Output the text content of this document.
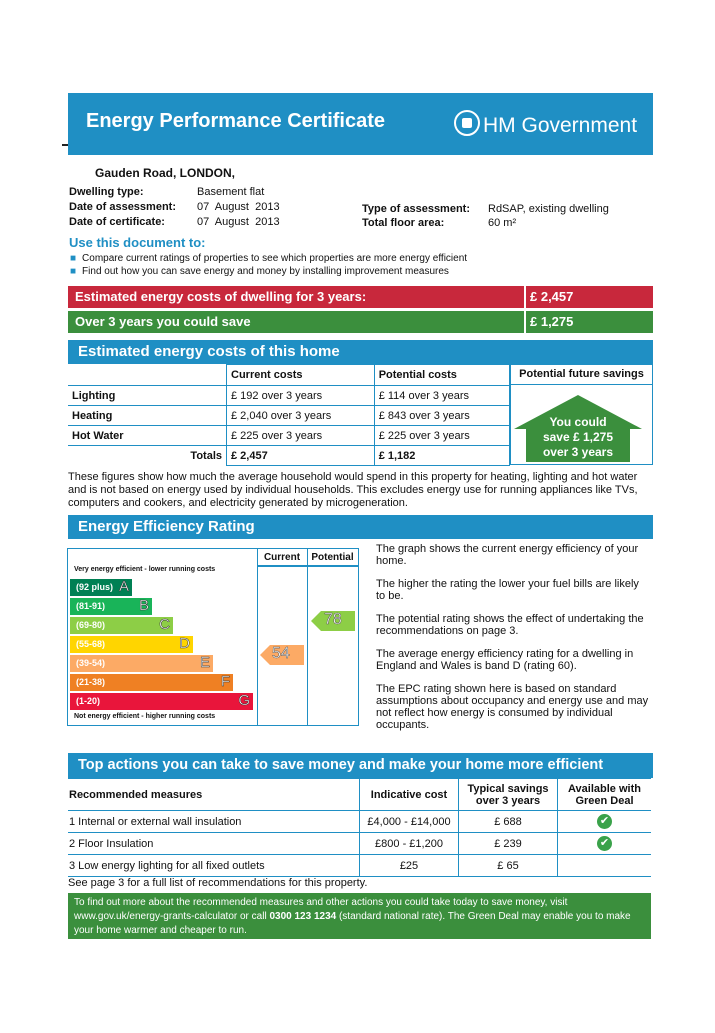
Energy Performance Certificate	HM Government
Gauden Road, LONDON,
Dwelling type:	Basement flat
Date of assessment: 07  August  2013
Date of certificate:	07  August  2013
Type of assessment: RdSAP, existing dwelling
Total floor area:	60 m²
Use this document to:
■ Compare current ratings of properties to see which properties are more energy efficient
■ Find out how you can save energy and money by installing improvement measures
Estimated energy costs of dwelling for 3 years:	£ 2,457
Over 3 years you could save	£ 1,275
Estimated energy costs of this home
	Current costs	Potential costs
Lighting	£ 192 over 3 years	£ 114 over 3 years
Heating	£ 2,040 over 3 years	£ 843 over 3 years
Hot Water	£ 225 over 3 years	£ 225 over 3 years
Totals	£ 2,457	£ 1,182
Potential future savings
You could
save £ 1,275
over 3 years
These figures show how much the average household would spend in this property for heating, lighting and hot water and is not based on energy used by individual households. This excludes energy use for running appliances like TVs, computers and cookers, and electricity generated by microgeneration.
Energy Efficiency Rating
Current	Potential
Very energy efficient - lower running costs
(92 plus) A
(81-91) B
(69-80)	C
(55-68)	D
(39-54)	E
(21-38)	F
(1-20)	G
Not energy efficient - higher running costs
54
78
The graph shows the current energy efficiency of your home.
The higher the rating the lower your fuel bills are likely to be.
The potential rating shows the effect of undertaking the recommendations on page 3.
The average energy efficiency rating for a dwelling in England and Wales is band D (rating 60).
The EPC rating shown here is based on standard assumptions about occupancy and energy use and may not reflect how energy is consumed by individual occupants.
Top actions you can take to save money and make your home more efficient
Recommended measures	Indicative cost	Typical savings over 3 years	Available with Green Deal
1 Internal or external wall insulation	£4,000 - £14,000	£ 688	✔
2 Floor Insulation	£800 - £1,200	£ 239	✔
3 Low energy lighting for all fixed outlets	£25	£ 65	
See page 3 for a full list of recommendations for this property.
To find out more about the recommended measures and other actions you could take today to save money, visit www.gov.uk/energy-grants-calculator or call 0300 123 1234 (standard national rate). The Green Deal may enable you to make your home warmer and cheaper to run.
